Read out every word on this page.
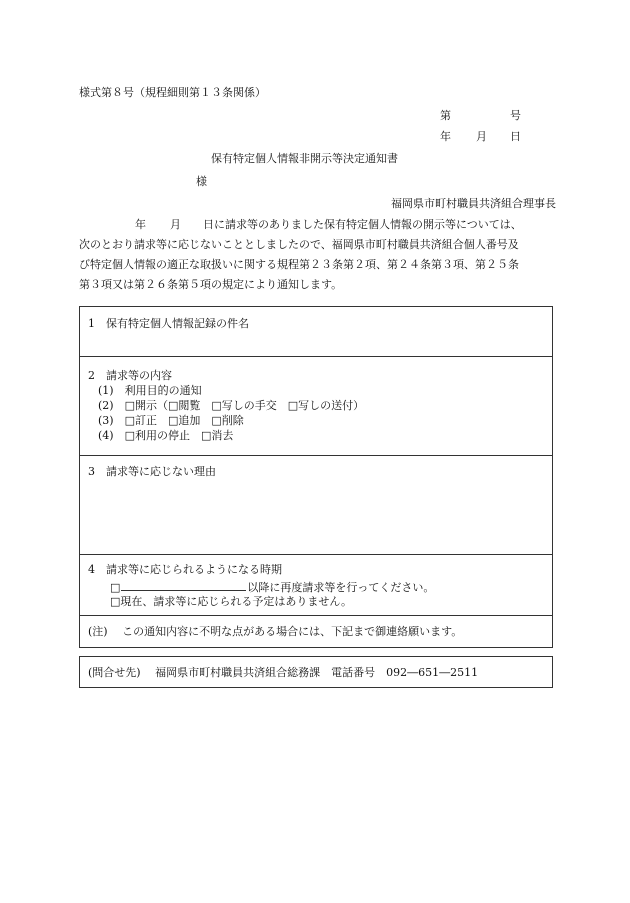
様式第８号（規程細則第１３条関係）
第	号
年 月 日
保有特定個人情報非開示等決定通知書
様
福岡県市町村職員共済組合理事長
年 月 日に請求等のありました保有特定個人情報の開示等については、
次のとおり請求等に応じないこととしましたので、福岡県市町村職員共済組合個人番号及
び特定個人情報の適正な取扱いに関する規程第２３条第２項、第２４条第３項、第２５条
第３項又は第２６条第５項の規定により通知します。
1　保有特定個人情報記録の件名
2　請求等の内容
(1)　利用目的の通知
(2)　□開示（□閲覧　□写しの手交　□写しの送付）
(3)　□訂正　□追加　□削除
(4)　□利用の停止　□消去
3　請求等に応じない理由
4　請求等に応じられるようになる時期
□	以降に再度請求等を行ってください。
□現在、請求等に応じられる予定はありません。
(注)　 この通知内容に不明な点がある場合には、下記まで御連絡願います。
(問合せ先)　 福岡県市町村職員共済組合総務課　電話番号　092―651―2511
